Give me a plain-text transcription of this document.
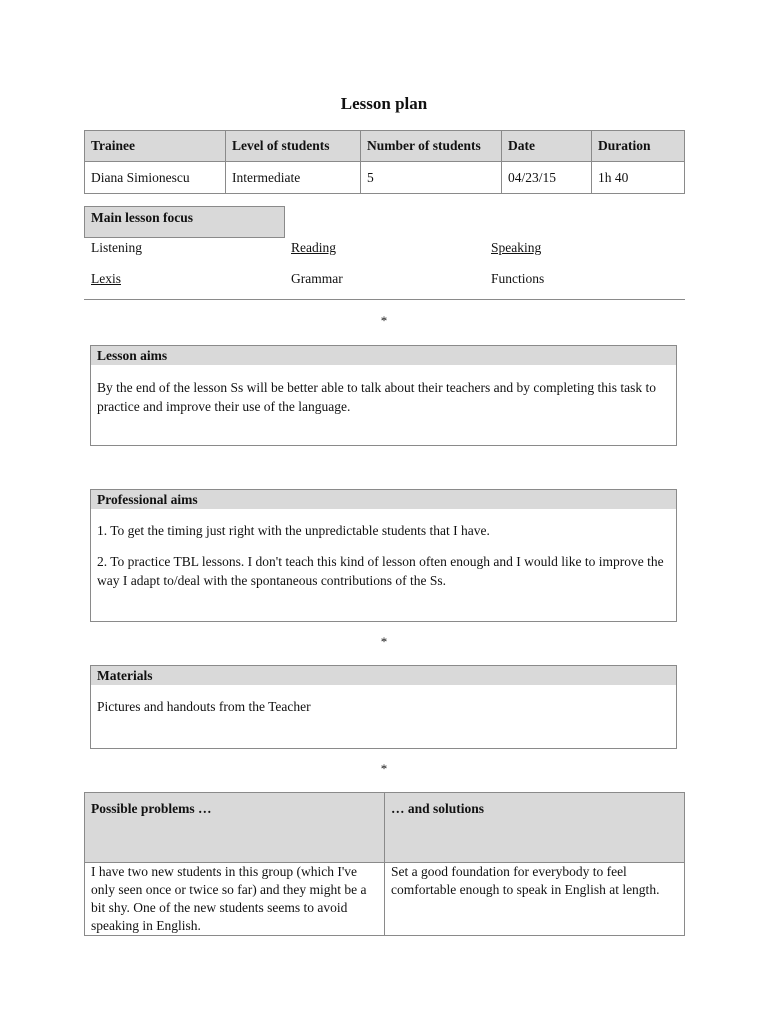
Lesson plan
Trainee	Level of students	Number of students	Date	Duration
Diana Simionescu	Intermediate	5	04/23/15	1h 40
Main lesson focus
Listening	Reading	Speaking
Lexis	Grammar	Functions
*
Lesson aims

By the end of the lesson Ss will be better able to talk about their teachers and by completing this task to practice and improve their use of the language.

Professional aims

1. To get the timing just right with the unpredictable students that I have.

2. To practice TBL lessons. I don't teach this kind of lesson often enough and I would like to improve the way I adapt to/deal with the spontaneous contributions of the Ss.

*
Materials

Pictures and handouts from the Teacher

*
Possible problems …	… and solutions
I have two new students in this group (which I've only seen once or twice so far) and they might be a bit shy. One of the new students seems to avoid speaking in English.	Set a good foundation for everybody to feel comfortable enough to speak in English at length.
